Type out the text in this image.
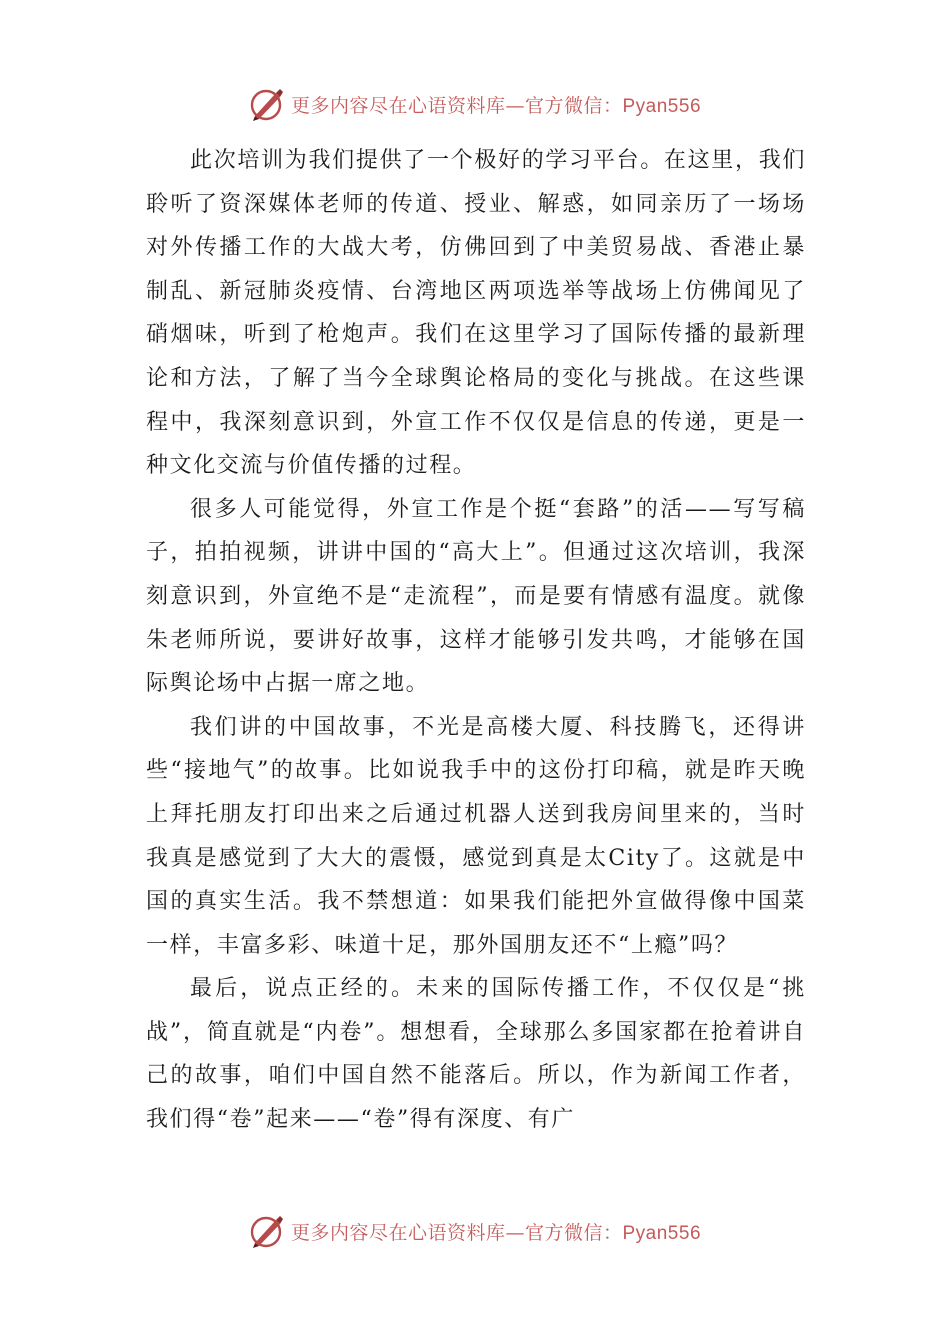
更多内容尽在心语资料库—官方微信：Pyan556

此次培训为我们提供了一个极好的学习平台。在这里，我们聆听了资深媒体老师的传道、授业、解惑，如同亲历了一场场对外传播工作的大战大考，仿佛回到了中美贸易战、香港止暴制乱、新冠肺炎疫情、台湾地区两项选举等战场上仿佛闻见了硝烟味，听到了枪炮声。我们在这里学习了国际传播的最新理论和方法，了解了当今全球舆论格局的变化与挑战。在这些课程中，我深刻意识到，外宣工作不仅仅是信息的传递，更是一种文化交流与价值传播的过程。

很多人可能觉得，外宣工作是个挺“套路”的活——写写稿子，拍拍视频，讲讲中国的“高大上”。但通过这次培训，我深刻意识到，外宣绝不是“走流程”，而是要有情感有温度。就像朱老师所说，要讲好故事，这样才能够引发共鸣，才能够在国际舆论场中占据一席之地。

我们讲的中国故事，不光是高楼大厦、科技腾飞，还得讲些“接地气”的故事。比如说我手中的这份打印稿，就是昨天晚上拜托朋友打印出来之后通过机器人送到我房间里来的，当时我真是感觉到了大大的震慑，感觉到真是太City了。这就是中国的真实生活。我不禁想道：如果我们能把外宣做得像中国菜一样，丰富多彩、味道十足，那外国朋友还不“上瘾”吗？

最后，说点正经的。未来的国际传播工作，不仅仅是“挑战”，简直就是“内卷”。想想看，全球那么多国家都在抢着讲自己的故事，咱们中国自然不能落后。所以，作为新闻工作者，我们得“卷”起来——“卷”得有深度、有广

更多内容尽在心语资料库—官方微信：Pyan556
